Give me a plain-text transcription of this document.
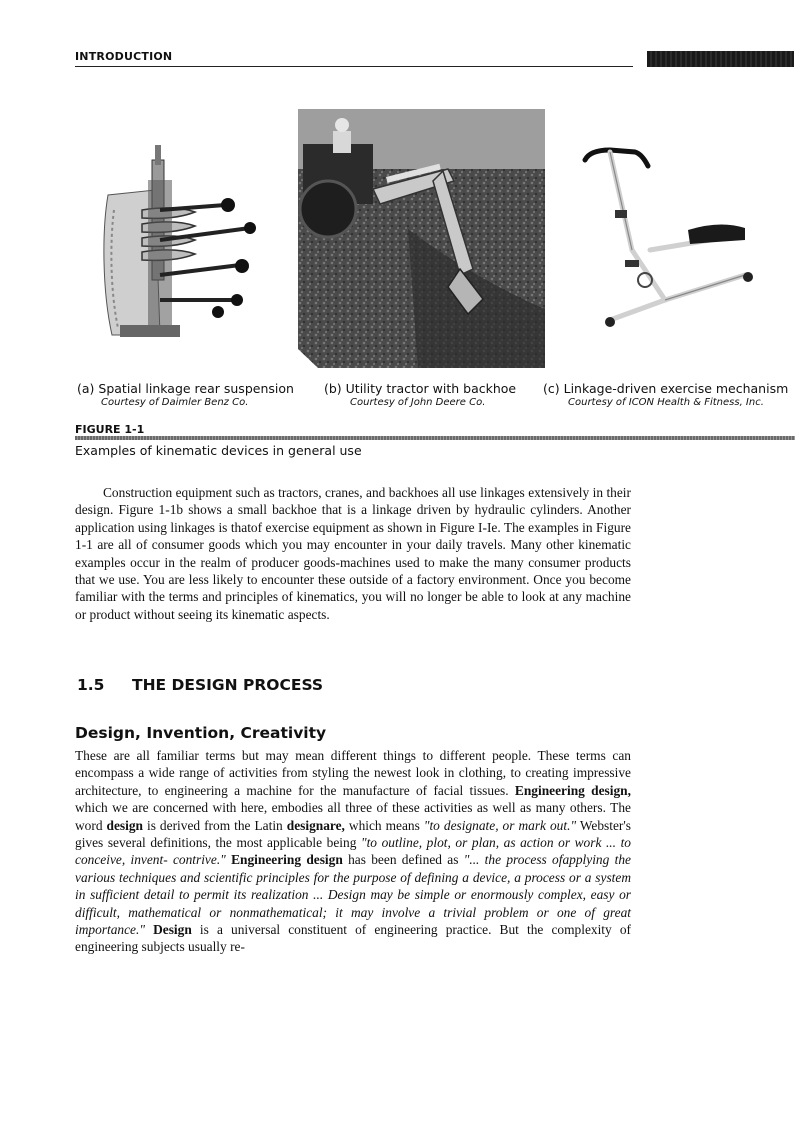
INTRODUCTION
(a) Spatial linkage rear suspension
Courtesy of Daimler Benz Co.
(b) Utility tractor with backhoe
Courtesy of John Deere Co.
(c) Linkage-driven exercise mechanism
Courtesy of ICON Health & Fitness, Inc.
FIGURE 1-1
Examples of kinematic devices in general use
Construction equipment such as tractors, cranes, and backhoes all use linkages extensively in their design. Figure 1-1b shows a small backhoe that is a linkage driven by hydraulic cylinders. Another application using linkages is thatof exercise equipment as shown in Figure I-Ie. The examples in Figure 1-1 are all of consumer goods which you may encounter in your daily travels. Many other kinematic examples occur in the realm of producer goods-machines used to make the many consumer products that we use. You are less likely to encounter these outside of a factory environment. Once you become familiar with the terms and principles of kinematics, you will no longer be able to look at any machine or product without seeing its kinematic aspects.
1.5 THE DESIGN PROCESS
Design, Invention, Creativity
These are all familiar terms but may mean different things to different people. These terms can encompass a wide range of activities from styling the newest look in clothing, to creating impressive architecture, to engineering a machine for the manufacture of facial tissues. Engineering design, which we are concerned with here, embodies all three of these activities as well as many others. The word design is derived from the Latin designare, which means "to designate, or mark out." Webster's gives several definitions, the most applicable being "to outline, plot, or plan, as action or work ... to conceive, invent- contrive." Engineering design has been defined as "... the process ofapplying the various techniques and scientific principles for the purpose of defining a device, a process or a system in sufficient detail to permit its realization ... Design may be simple or enormously complex, easy or difficult, mathematical or nonmathematical; it may involve a trivial problem or one of great importance." Design is a universal constituent of engineering practice. But the complexity of engineering subjects usually re-
